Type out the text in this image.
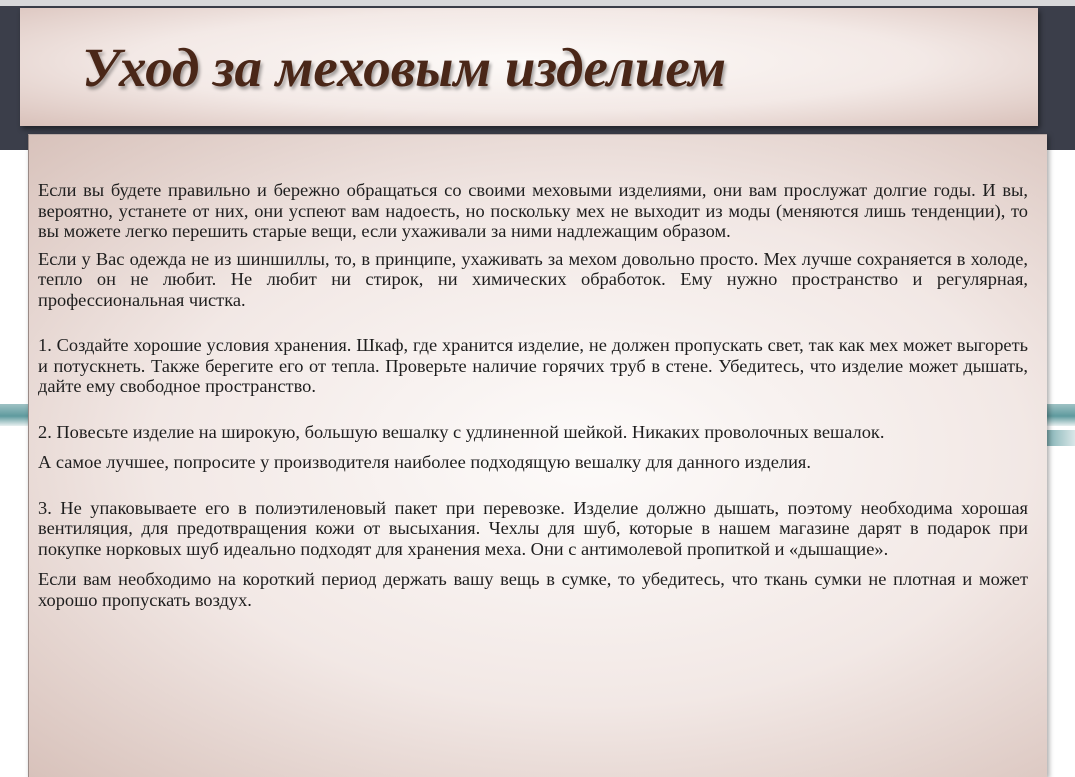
Уход за меховым изделием

Если вы будете правильно и бережно обращаться со своими меховыми изделиями, они вам прослужат долгие годы. И вы, вероятно, устанете от них, они успеют вам надоесть, но поскольку мех не выходит из моды (меняются лишь тенденции), то вы можете легко перешить старые вещи, если ухаживали за ними надлежащим образом.

Если у Вас одежда не из шиншиллы, то, в принципе, ухаживать за мехом довольно просто. Мех лучше сохраняется в холоде, тепло он не любит. Не любит ни стирок, ни химических обработок. Ему нужно пространство и регулярная, профессиональная чистка.

1. Создайте хорошие условия хранения. Шкаф, где хранится изделие, не должен пропускать свет, так как мех может выгореть и потускнеть. Также берегите его от тепла. Проверьте наличие горячих труб в стене. Убедитесь, что изделие может дышать, дайте ему свободное пространство.

2. Повесьте изделие на широкую, большую вешалку с удлиненной шейкой. Никаких проволочных вешалок.

А самое лучшее, попросите у производителя наиболее подходящую вешалку для данного изделия.

3. Не упаковываете его в полиэтиленовый пакет при перевозке. Изделие должно дышать, поэтому необходима хорошая вентиляция, для предотвращения кожи от высыхания. Чехлы для шуб, которые в нашем магазине дарят в подарок при покупке норковых шуб идеально подходят для хранения меха. Они с антимолевой пропиткой и «дышащие».

Если вам необходимо на короткий период держать вашу вещь в сумке, то убедитесь, что ткань сумки не плотная и может хорошо пропускать воздух.
